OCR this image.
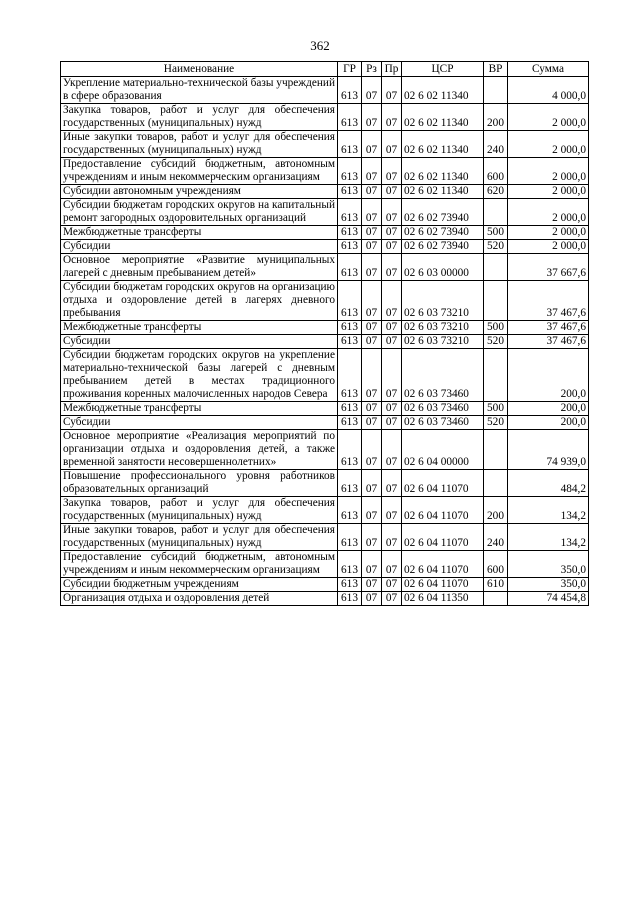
362
Наименование	ГР	Рз	Пр	ЦСР	ВР	Сумма
Укрепление материально-технической базы учреждений в сфере образования	613	07	07	02 6 02 11340		4 000,0
Закупка товаров, работ и услуг для обеспечения государственных (муниципальных) нужд	613	07	07	02 6 02 11340	200	2 000,0
Иные закупки товаров, работ и услуг для обеспечения государственных (муниципальных) нужд	613	07	07	02 6 02 11340	240	2 000,0
Предоставление субсидий бюджетным, автономным учреждениям и иным некоммерческим организациям	613	07	07	02 6 02 11340	600	2 000,0
Субсидии автономным учреждениям	613	07	07	02 6 02 11340	620	2 000,0
Субсидии бюджетам городских округов на капитальный ремонт загородных оздоровительных организаций	613	07	07	02 6 02 73940		2 000,0
Межбюджетные трансферты	613	07	07	02 6 02 73940	500	2 000,0
Субсидии	613	07	07	02 6 02 73940	520	2 000,0
Основное мероприятие «Развитие муниципальных лагерей с дневным пребыванием детей»	613	07	07	02 6 03 00000		37 667,6
Субсидии бюджетам городских округов на организацию отдыха и оздоровление детей в лагерях дневного пребывания	613	07	07	02 6 03 73210		37 467,6
Межбюджетные трансферты	613	07	07	02 6 03 73210	500	37 467,6
Субсидии	613	07	07	02 6 03 73210	520	37 467,6
Субсидии бюджетам городских округов на укрепление материально-технической базы лагерей с дневным пребыванием детей в местах традиционного проживания коренных малочисленных народов Севера	613	07	07	02 6 03 73460		200,0
Межбюджетные трансферты	613	07	07	02 6 03 73460	500	200,0
Субсидии	613	07	07	02 6 03 73460	520	200,0
Основное мероприятие «Реализация мероприятий по организации отдыха и оздоровления детей, а также временной занятости несовершеннолетних»	613	07	07	02 6 04 00000		74 939,0
Повышение профессионального уровня работников образовательных организаций	613	07	07	02 6 04 11070		484,2
Закупка товаров, работ и услуг для обеспечения государственных (муниципальных) нужд	613	07	07	02 6 04 11070	200	134,2
Иные закупки товаров, работ и услуг для обеспечения государственных (муниципальных) нужд	613	07	07	02 6 04 11070	240	134,2
Предоставление субсидий бюджетным, автономным учреждениям и иным некоммерческим организациям	613	07	07	02 6 04 11070	600	350,0
Субсидии бюджетным учреждениям	613	07	07	02 6 04 11070	610	350,0
Организация отдыха и оздоровления детей	613	07	07	02 6 04 11350		74 454,8
